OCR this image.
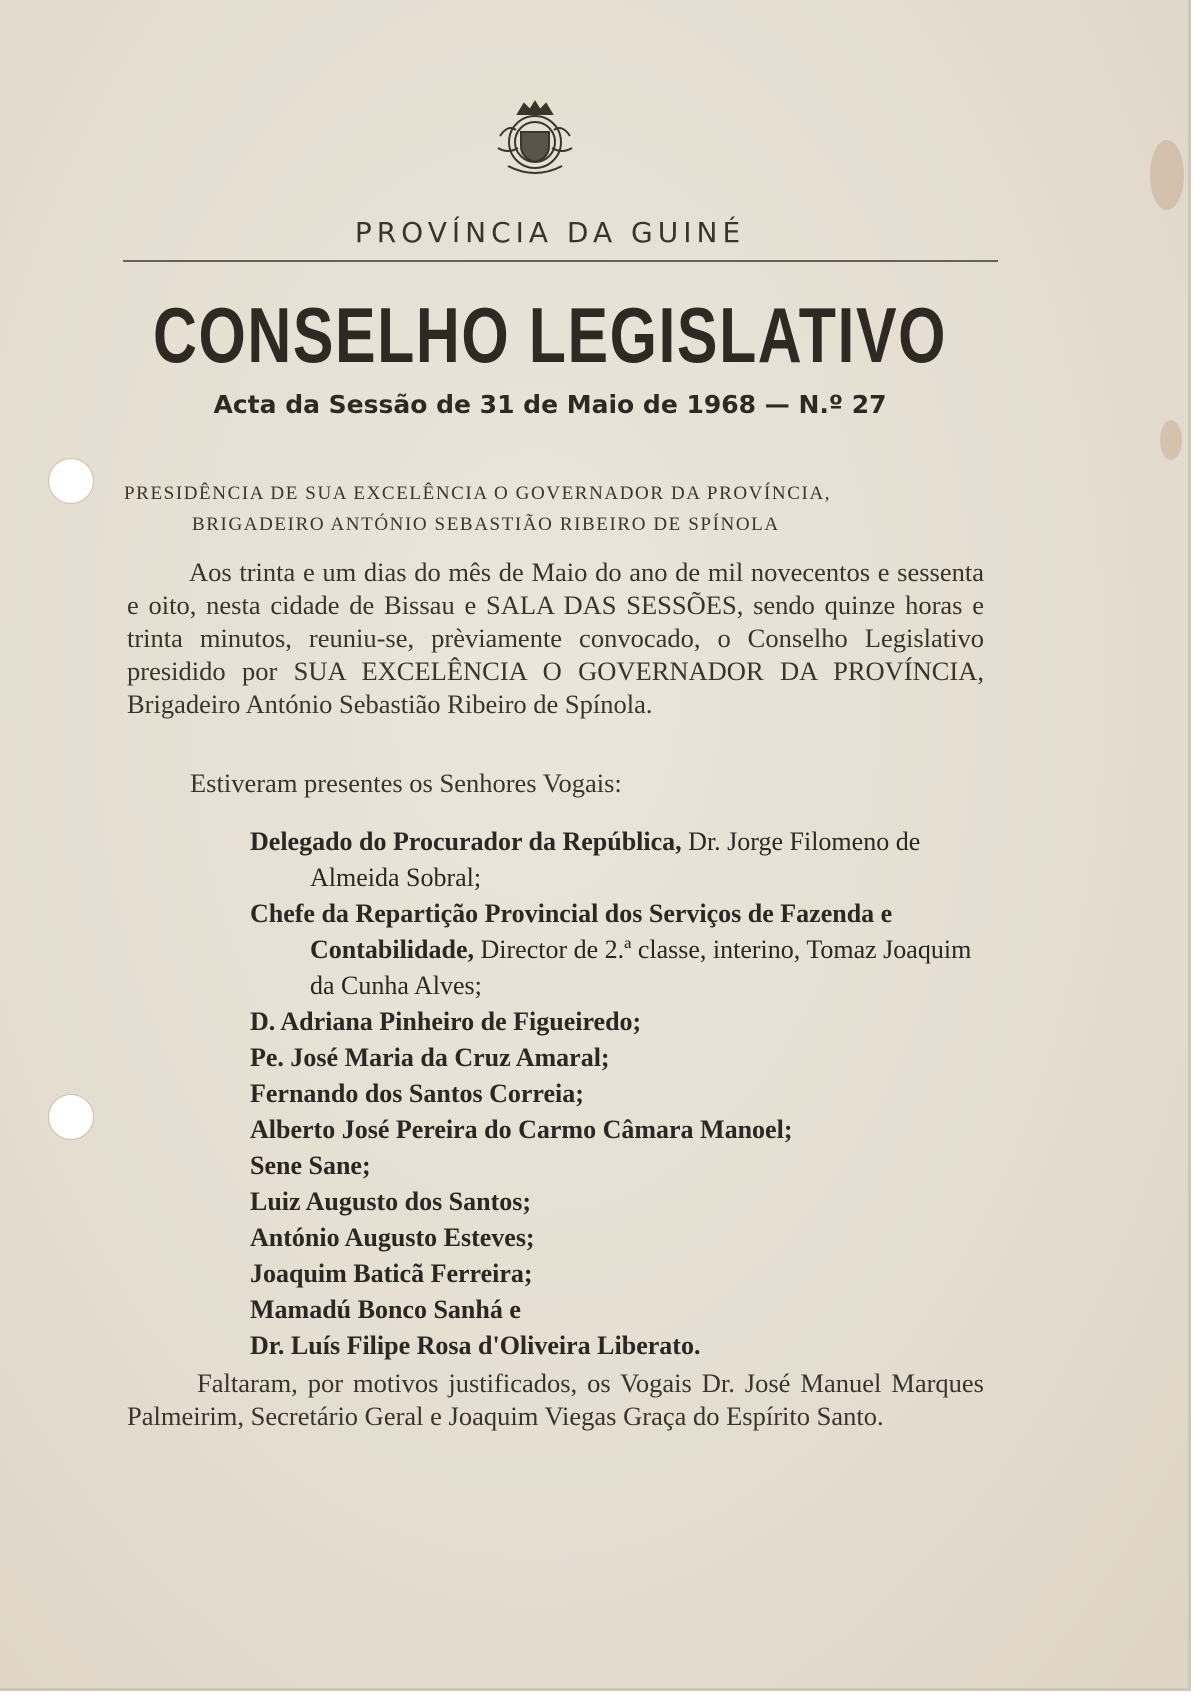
PROVÍNCIA DA GUINÉ
CONSELHO LEGISLATIVO
Acta da Sessão de 31 de Maio de 1968 — N.º 27
PRESIDÊNCIA DE SUA EXCELÊNCIA O GOVERNADOR DA PROVÍNCIA,
BRIGADEIRO ANTÓNIO SEBASTIÃO RIBEIRO DE SPÍNOLA
Aos trinta e um dias do mês de Maio do ano de mil novecentos e sessenta e oito, nesta cidade de Bissau e SALA DAS SESSÕES, sendo quinze horas e trinta minutos, reuniu-se, prèviamente convocado, o Conselho Legislativo presidido por SUA EXCELÊNCIA O GOVERNADOR DA PROVÍNCIA, Brigadeiro António Sebastião Ribeiro de Spínola.
Estiveram presentes os Senhores Vogais:
Delegado do Procurador da República, Dr. Jorge Filomeno de Almeida Sobral;
Chefe da Repartição Provincial dos Serviços de Fazenda e Contabilidade, Director de 2.ª classe, interino, Tomaz Joaquim da Cunha Alves;
D. Adriana Pinheiro de Figueiredo;
Pe. José Maria da Cruz Amaral;
Fernando dos Santos Correia;
Alberto José Pereira do Carmo Câmara Manoel;
Sene Sane;
Luiz Augusto dos Santos;
António Augusto Esteves;
Joaquim Baticã Ferreira;
Mamadú Bonco Sanhá e
Dr. Luís Filipe Rosa d'Oliveira Liberato.
Faltaram, por motivos justificados, os Vogais Dr. José Manuel Marques Palmeirim, Secretário Geral e Joaquim Viegas Graça do Espírito Santo.
